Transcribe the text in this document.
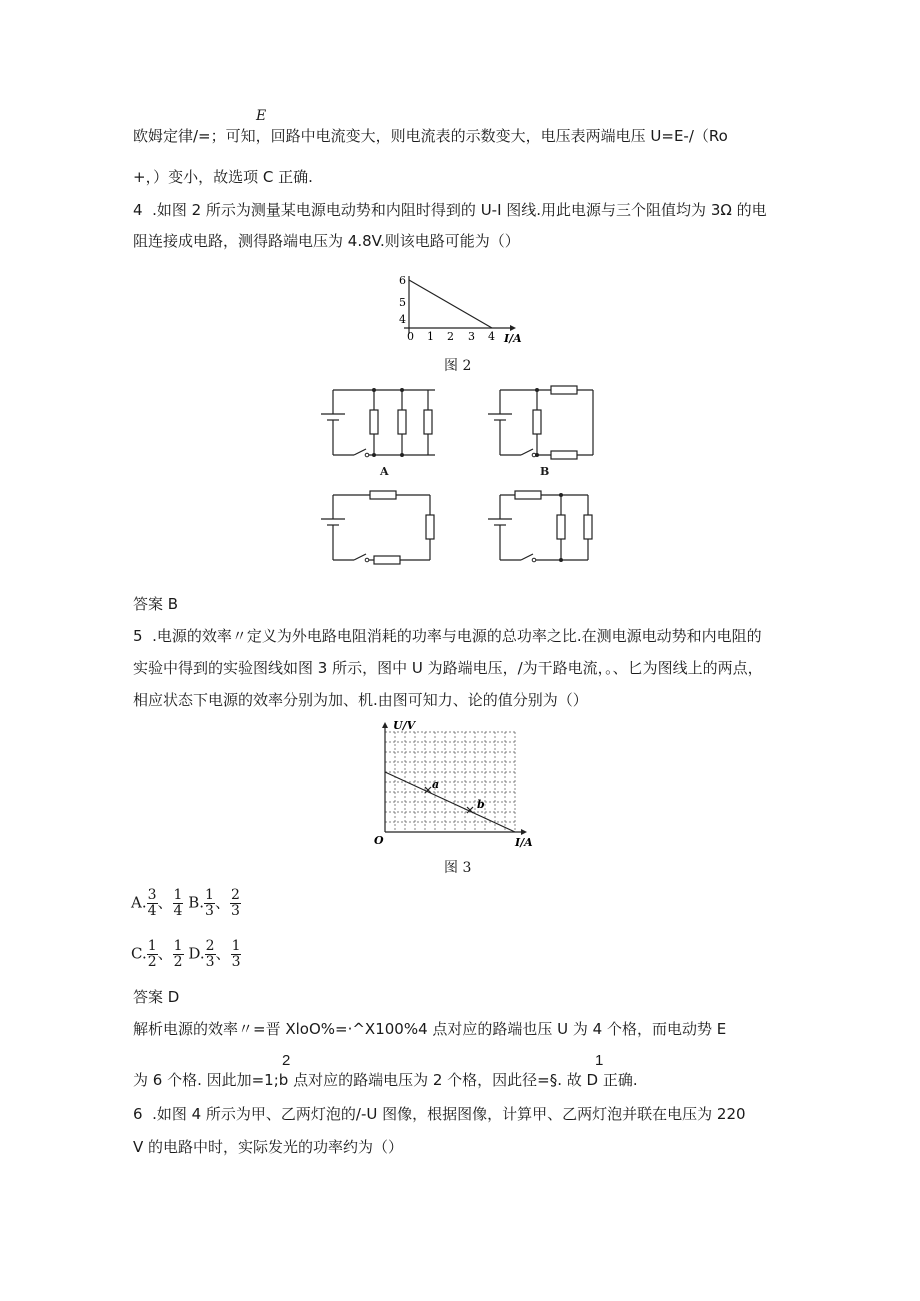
E
欧姆定律/=；可知，回路中电流变大，则电流表的示数变大，电压表两端电压 U=E-/（Ro
+，）变小，故选项 C 正确.
4  .如图 2 所示为测量某电源电动势和内阻时得到的 U-I 图线.用此电源与三个阻值均为 3Ω 的电
阻连接成电路，测得路端电压为 4.8V.则该电路可能为（）
6
5
4
0 1 2 3 4 I/A
图 2
A	B
答案 B
5  .电源的效率〃定义为外电路电阻消耗的功率与电源的总功率之比.在测电源电动势和内电阻的
实验中得到的实验图线如图 3 所示，图中 U 为路端电压，/为干路电流，。、匕为图线上的两点，
相应状态下电源的效率分别为加、机.由图可知力、论的值分别为（）
a
b
U/V
O	I/A
图 3
A. $\frac{3}{4}$ 、 $\frac{1}{4} B$. $\frac{1}{3}$ 、 $\frac{2}{3}$
C. $\frac{1}{2}$ 、 $\frac{1}{2} D$. $\frac{2}{3}$ 、 $\frac{1}{3}$
答案 D
解析电源的效率〃=晋 XloO%=·^X100%4 点对应的路端也压 U 为 4 个格，而电动势 E
2	1
为 6 个格. 因此加=1;b 点对应的路端电压为 2 个格，因此径=§. 故 D 正确.
6  .如图 4 所示为甲、乙两灯泡的/-U 图像，根据图像，计算甲、乙两灯泡并联在电压为 220
V 的电路中时，实际发光的功率约为（）
